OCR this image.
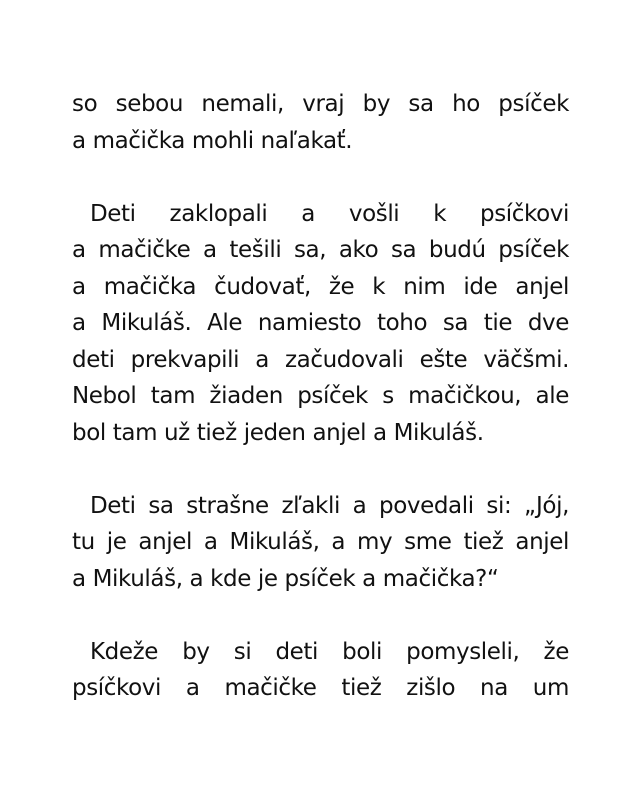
so sebou nemali, vraj by sa ho psíček
a mačička mohli naľakať.

Deti zaklopali a vošli k psíčkovi
a mačičke a tešili sa, ako sa budú psíček
a mačička čudovať, že k nim ide anjel
a Mikuláš. Ale namiesto toho sa tie dve
deti prekvapili a začudovali ešte väčšmi.
Nebol tam žiaden psíček s mačičkou, ale
bol tam už tiež jeden anjel a Mikuláš.

Deti sa strašne zľakli a povedali si: „Jój,
tu je anjel a Mikuláš, a my sme tiež anjel
a Mikuláš, a kde je psíček a mačička?“

Kdeže by si deti boli pomysleli, že
psíčkovi a mačičke tiež zišlo na um
